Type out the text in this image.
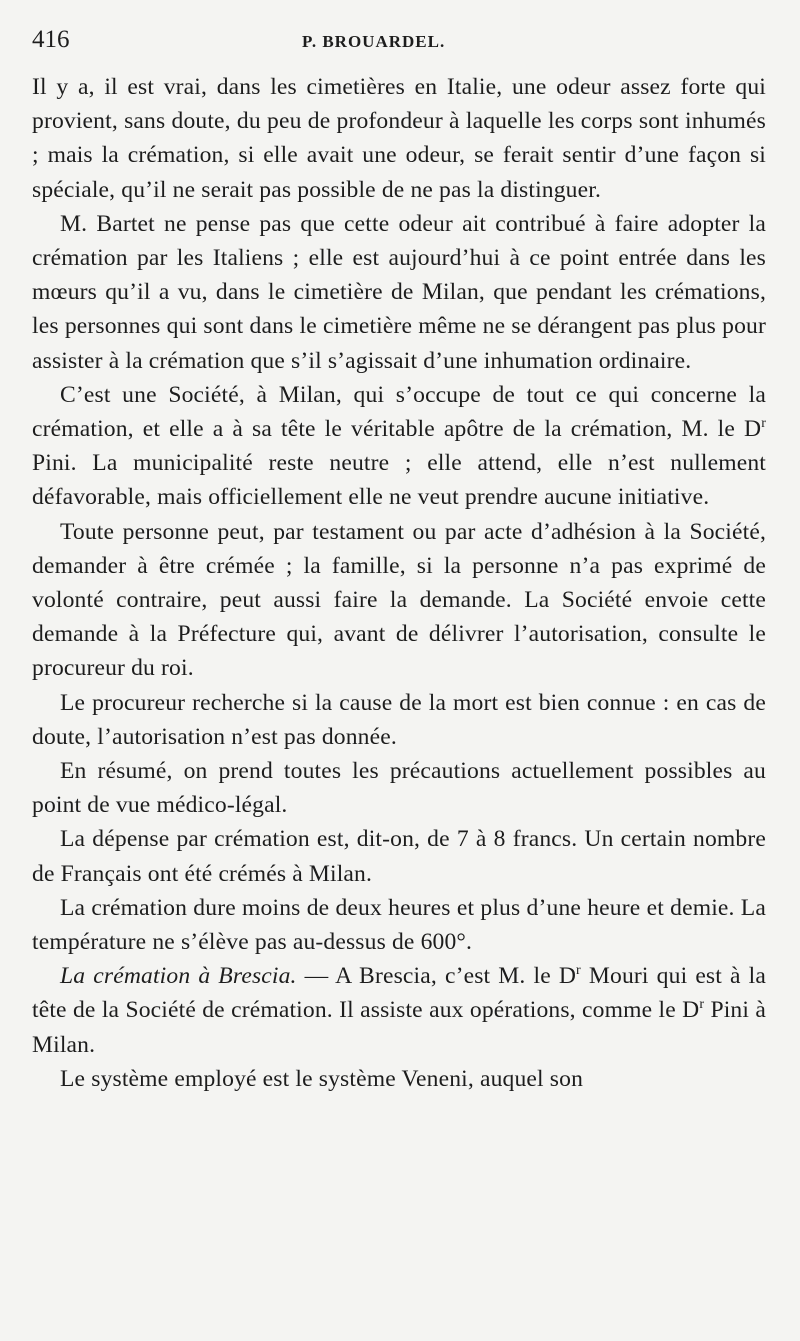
416	P. BROUARDEL.

Il y a, il est vrai, dans les cimetières en Italie, une odeur assez forte qui provient, sans doute, du peu de profondeur à laquelle les corps sont inhumés ; mais la crémation, si elle avait une odeur, se ferait sentir d’une façon si spéciale, qu’il ne serait pas possible de ne pas la distinguer.

M. Bartet ne pense pas que cette odeur ait contribué à faire adopter la crémation par les Italiens ; elle est aujourd’hui à ce point entrée dans les mœurs qu’il a vu, dans le cimetière de Milan, que pendant les crémations, les personnes qui sont dans le cimetière même ne se dérangent pas plus pour assister à la crémation que s’il s’agissait d’une inhumation ordinaire.

C’est une Société, à Milan, qui s’occupe de tout ce qui concerne la crémation, et elle a à sa tête le véritable apôtre de la crémation, M. le $D^r$ Pini. La municipalité reste neutre ; elle attend, elle n’est nullement défavorable, mais officiellement elle ne veut prendre aucune initiative.

Toute personne peut, par testament ou par acte d’adhésion à la Société, demander à être crémée ; la famille, si la personne n’a pas exprimé de volonté contraire, peut aussi faire la demande. La Société envoie cette demande à la Préfecture qui, avant de délivrer l’autorisation, consulte le procureur du roi.

Le procureur recherche si la cause de la mort est bien connue : en cas de doute, l’autorisation n’est pas donnée.

En résumé, on prend toutes les précautions actuellement possibles au point de vue médico-légal.

La dépense par crémation est, dit-on, de 7 à 8 francs. Un certain nombre de Français ont été crémés à Milan.

La crémation dure moins de deux heures et plus d’une heure et demie. La température ne s’élève pas au-dessus de 600°.

La crémation à Brescia. — A Brescia, c’est M. le $D^r$ Mouri qui est à la tête de la Société de crémation. Il assiste aux opérations, comme le $D^r$ Pini à Milan.

Le système employé est le système Veneni, auquel son
